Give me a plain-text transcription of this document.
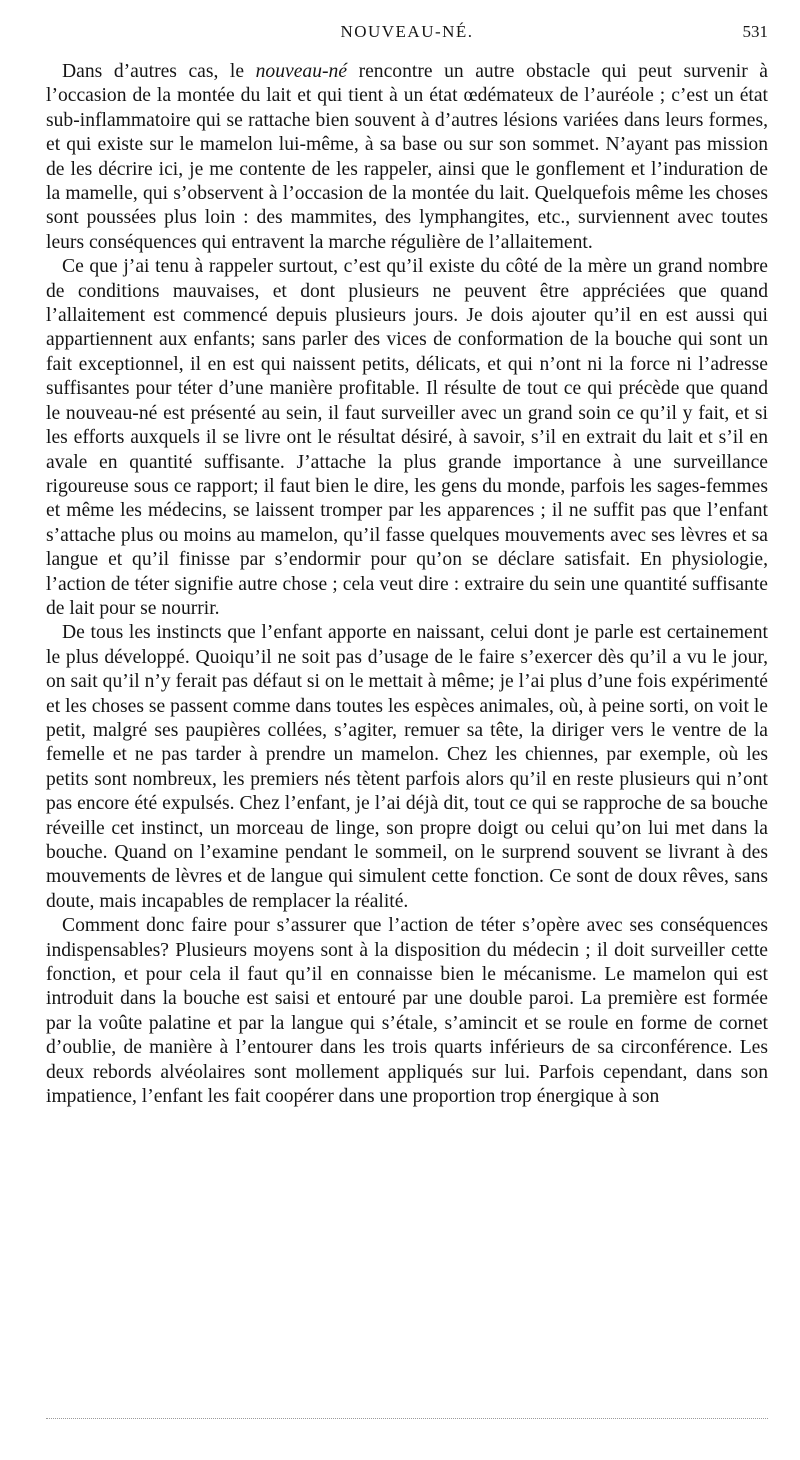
NOUVEAU-NÉ.	531

Dans d’autres cas, le nouveau-né rencontre un autre obstacle qui peut survenir à l’occasion de la montée du lait et qui tient à un état œdémateux de l’auréole ; c’est un état sub-inflammatoire qui se rattache bien souvent à d’autres lésions variées dans leurs formes, et qui existe sur le mamelon lui-même, à sa base ou sur son sommet. N’ayant pas mission de les décrire ici, je me contente de les rappeler, ainsi que le gonflement et l’induration de la mamelle, qui s’observent à l’occasion de la montée du lait. Quelquefois même les choses sont poussées plus loin : des mammites, des lymphangites, etc., surviennent avec toutes leurs conséquences qui entravent la marche régulière de l’allaitement.

Ce que j’ai tenu à rappeler surtout, c’est qu’il existe du côté de la mère un grand nombre de conditions mauvaises, et dont plusieurs ne peuvent être appréciées que quand l’allaitement est commencé depuis plusieurs jours. Je dois ajouter qu’il en est aussi qui appartiennent aux enfants; sans parler des vices de conformation de la bouche qui sont un fait exceptionnel, il en est qui naissent petits, délicats, et qui n’ont ni la force ni l’adresse suffisantes pour téter d’une manière profitable. Il résulte de tout ce qui précède que quand le nouveau-né est présenté au sein, il faut surveiller avec un grand soin ce qu’il y fait, et si les efforts auxquels il se livre ont le résultat désiré, à savoir, s’il en extrait du lait et s’il en avale en quantité suffisante. J’attache la plus grande importance à une surveillance rigoureuse sous ce rapport; il faut bien le dire, les gens du monde, parfois les sages-femmes et même les médecins, se laissent tromper par les apparences ; il ne suffit pas que l’enfant s’attache plus ou moins au mamelon, qu’il fasse quelques mouvements avec ses lèvres et sa langue et qu’il finisse par s’endormir pour qu’on se déclare satisfait. En physiologie, l’action de téter signifie autre chose ; cela veut dire : extraire du sein une quantité suffisante de lait pour se nourrir.

De tous les instincts que l’enfant apporte en naissant, celui dont je parle est certainement le plus développé. Quoiqu’il ne soit pas d’usage de le faire s’exercer dès qu’il a vu le jour, on sait qu’il n’y ferait pas défaut si on le mettait à même; je l’ai plus d’une fois expérimenté et les choses se passent comme dans toutes les espèces animales, où, à peine sorti, on voit le petit, malgré ses paupières collées, s’agiter, remuer sa tête, la diriger vers le ventre de la femelle et ne pas tarder à prendre un mamelon. Chez les chiennes, par exemple, où les petits sont nombreux, les premiers nés tètent parfois alors qu’il en reste plusieurs qui n’ont pas encore été expulsés. Chez l’enfant, je l’ai déjà dit, tout ce qui se rapproche de sa bouche réveille cet instinct, un morceau de linge, son propre doigt ou celui qu’on lui met dans la bouche. Quand on l’examine pendant le sommeil, on le surprend souvent se livrant à des mouvements de lèvres et de langue qui simulent cette fonction. Ce sont de doux rêves, sans doute, mais incapables de remplacer la réalité.

Comment donc faire pour s’assurer que l’action de téter s’opère avec ses conséquences indispensables? Plusieurs moyens sont à la disposition du médecin ; il doit surveiller cette fonction, et pour cela il faut qu’il en connaisse bien le mécanisme. Le mamelon qui est introduit dans la bouche est saisi et entouré par une double paroi. La première est formée par la voûte palatine et par la langue qui s’étale, s’amincit et se roule en forme de cornet d’oublie, de manière à l’entourer dans les trois quarts inférieurs de sa circonférence. Les deux rebords alvéolaires sont mollement appliqués sur lui. Parfois cependant, dans son impatience, l’enfant les fait coopérer dans une proportion trop énergique à son
